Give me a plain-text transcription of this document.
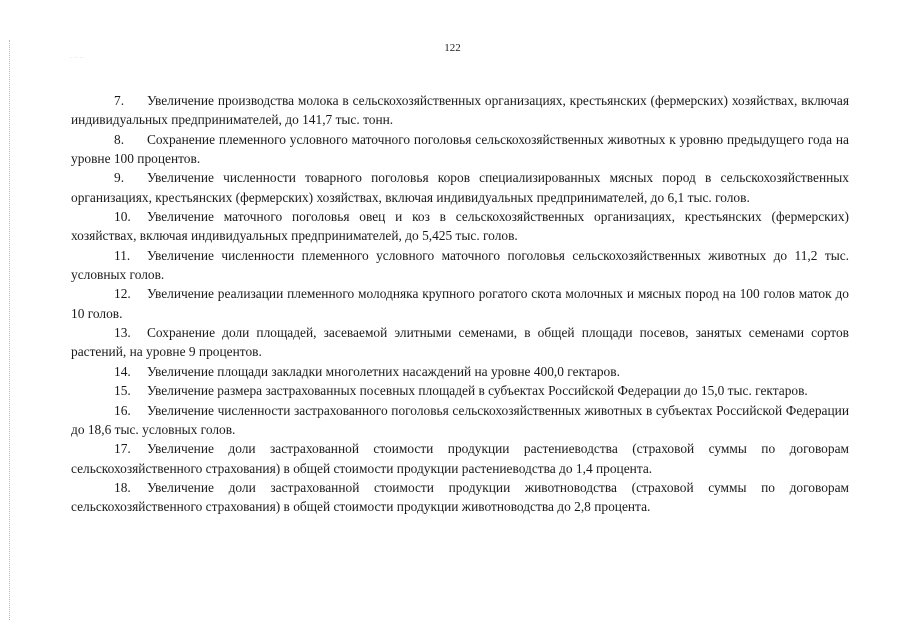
· ·· ··
122

7. Увеличение производства молока в сельскохозяйственных организациях, крестьянских (фермерских) хозяйствах, включая индивидуальных предпринимателей, до 141,7 тыс. тонн.

8. Сохранение племенного условного маточного поголовья сельскохозяйственных животных к уровню предыдущего года на уровне 100 процентов.

9. Увеличение численности товарного поголовья коров специализированных мясных пород в сельскохозяйственных организациях, крестьянских (фермерских) хозяйствах, включая индивидуальных предпринимателей, до 6,1 тыс. голов.

10. Увеличение маточного поголовья овец и коз в сельскохозяйственных организациях, крестьянских (фермерских) хозяйствах, включая индивидуальных предпринимателей, до 5,425 тыс. голов.

11. Увеличение численности племенного условного маточного поголовья сельскохозяйственных животных до 11,2 тыс. условных голов.

12. Увеличение реализации племенного молодняка крупного рогатого скота молочных и мясных пород на 100 голов маток до 10 голов.

13. Сохранение доли площадей, засеваемой элитными семенами, в общей площади посевов, занятых семенами сортов растений, на уровне 9 процентов.

14. Увеличение площади закладки многолетних насаждений на уровне 400,0 гектаров.

15. Увеличение размера застрахованных посевных площадей в субъектах Российской Федерации до 15,0 тыс. гектаров.

16. Увеличение численности застрахованного поголовья сельскохозяйственных животных в субъектах Российской Федерации до 18,6 тыс. условных голов.

17. Увеличение доли застрахованной стоимости продукции растениеводства (страховой суммы по договорам сельскохозяйственного страхования) в общей стоимости продукции растениеводства до 1,4 процента.

18. Увеличение доли застрахованной стоимости продукции животноводства (страховой суммы по договорам сельскохозяйственного страхования) в общей стоимости продукции животноводства до 2,8 процента.
